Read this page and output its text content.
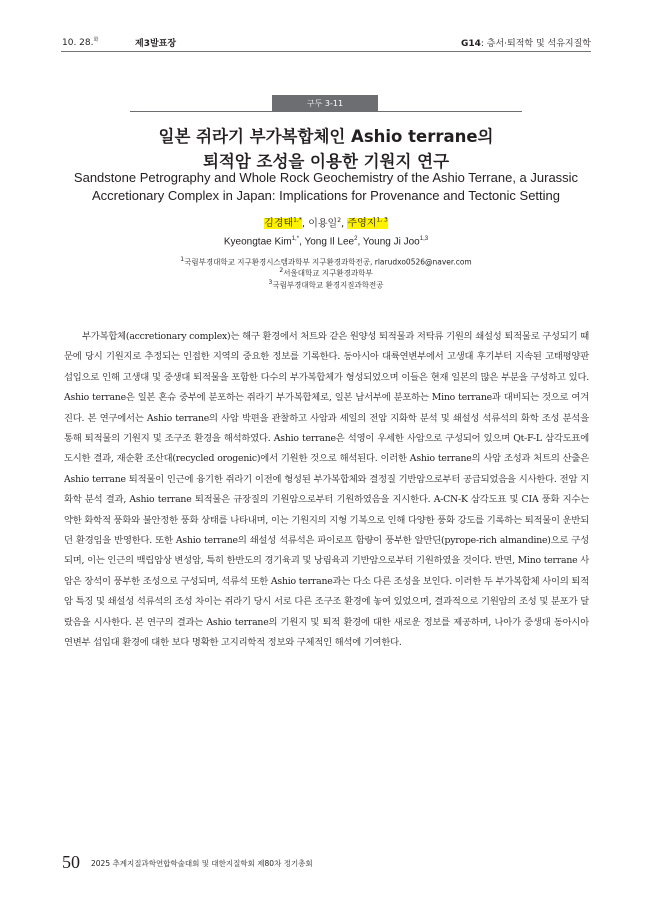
10. 28.$^화$	제3발표장	G14: 층서·퇴적학 및 석유지질학
구두 3-11
일본 쥐라기 부가복합체인 Ashio terrane의
퇴적암 조성을 이용한 기원지 연구
Sandstone Petrography and Whole Rock Geochemistry of the Ashio Terrane, a Jurassic
Accretionary Complex in Japan: Implications for Provenance and Tectonic Setting
김경태$^{1,*}$, 이용일$^2$, 주영지$^{1, 3}$
Kyeongtae Kim$^{1,*}$, Yong Il Lee$^2$, Young Ji Joo$^{1,3}$
$^1$국립부경대학교 지구환경시스템과학부 지구환경과학전공, rlarudxo0526@naver.com
$^2$서울대학교 지구환경과학부
$^3$국립부경대학교 환경지질과학전공
부가복합체(accretionary complex)는 해구 환경에서 처트와 같은 원양성 퇴적물과 저탁류 기원의 쇄설성 퇴적물로 구성되기 때문에 당시 기원지로 추정되는 인접한 지역의 중요한 정보를 기록한다. 동아시아 대륙연변부에서 고생대 후기부터 지속된 고태평양판 섭입으로 인해 고생대 및 중생대 퇴적물을 포함한 다수의 부가복합체가 형성되었으며 이들은 현재 일본의 많은 부분을 구성하고 있다. Ashio terrane은 일본 혼슈 중부에 분포하는 쥐라기 부가복합체로, 일본 남서부에 분포하는 Mino terrane과 대비되는 것으로 여겨진다. 본 연구에서는 Ashio terrane의 사암 박편을 관찰하고 사암과 셰일의 전암 지화학 분석 및 쇄설성 석류석의 화학 조성 분석을 통해 퇴적물의 기원지 및 조구조 환경을 해석하였다. Ashio terrane은 석영이 우세한 사암으로 구성되어 있으며 Qt-F-L 삼각도표에 도시한 결과, 재순환 조산대(recycled orogenic)에서 기원한 것으로 해석된다. 이러한 Ashio terrane의 사암 조성과 처트의 산출은 Ashio terrane 퇴적물이 인근에 융기한 쥐라기 이전에 형성된 부가복합체와 결정질 기반암으로부터 공급되었음을 시사한다. 전암 지화학 분석 결과, Ashio terrane 퇴적물은 규장질의 기원암으로부터 기원하였음을 지시한다. A-CN-K 삼각도표 및 CIA 풍화 지수는 약한 화학적 풍화와 불안정한 풍화 상태를 나타내며, 이는 기원지의 지형 기복으로 인해 다양한 풍화 강도를 기록하는 퇴적물이 운반되던 환경임을 반영한다. 또한 Ashio terrane의 쇄설성 석류석은 파이로프 함량이 풍부한 알만딘(pyrope-rich almandine)으로 구성되며, 이는 인근의 백립암상 변성암, 특히 한반도의 경기육괴 및 낭림육괴 기반암으로부터 기원하였을 것이다. 반면, Mino terrane 사암은 장석이 풍부한 조성으로 구성되며, 석류석 또한 Ashio terrane과는 다소 다른 조성을 보인다. 이러한 두 부가복합체 사이의 퇴적암 특징 및 쇄설성 석류석의 조성 차이는 쥐라기 당시 서로 다른 조구조 환경에 놓여 있었으며, 결과적으로 기원암의 조성 및 분포가 달랐음을 시사한다. 본 연구의 결과는 Ashio terrane의 기원지 및 퇴적 환경에 대한 새로운 정보를 제공하며, 나아가 중생대 동아시아 연변부 섭입대 환경에 대한 보다 명확한 고지리학적 정보와 구체적인 해석에 기여한다.
50 2025 추계지질과학연합학술대회 및 대한지질학회 제80차 정기총회
